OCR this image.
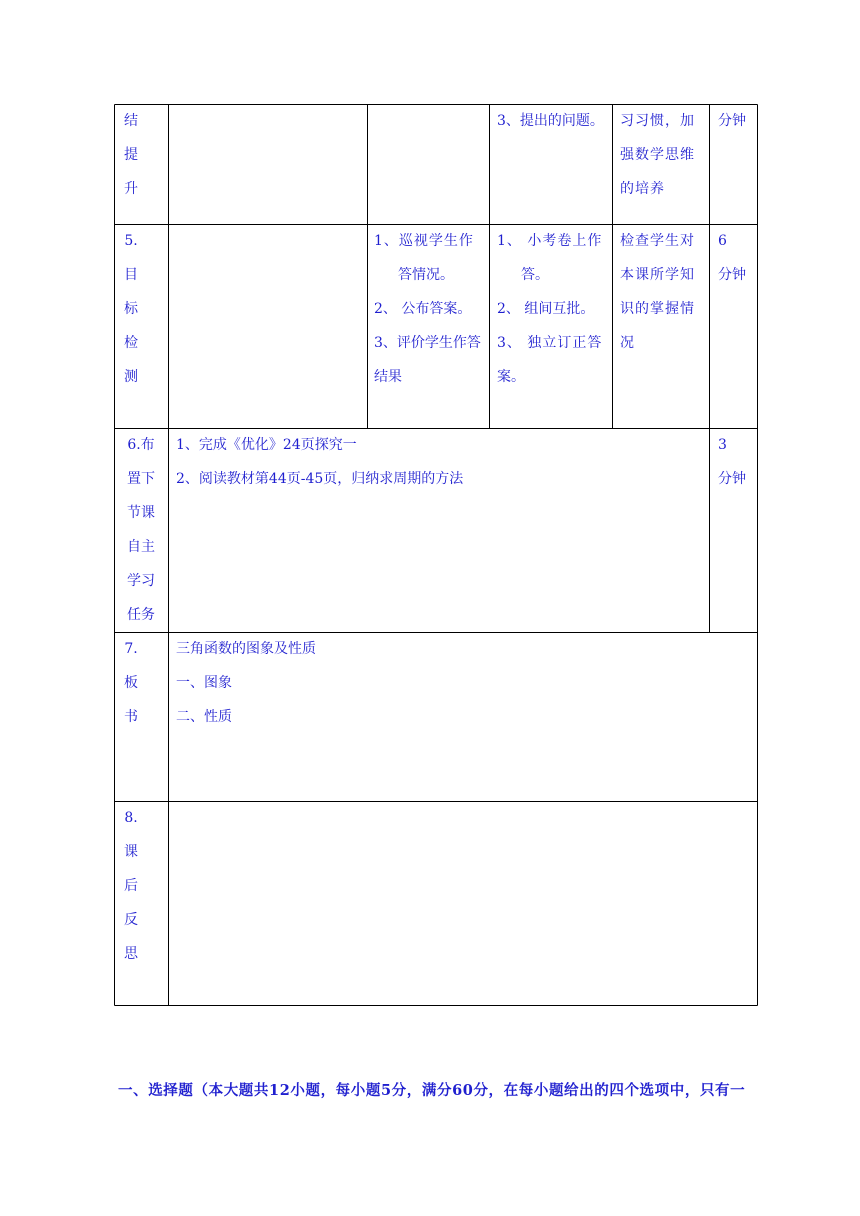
结
提
升
3、提出的问题。 习习惯，加
强数学思维
的培养
分钟
5.
目
标
检
测
1、巡视学生作
答情况。
2、 公布答案。
3、评价学生作答
结果
1、 小考卷上作
答。
2、 组间互批。
3、 独立订正答
案。
检查学生对
本课所学知
识的掌握情
况
6
分钟
6.布
置下
节课
自主
学习
任务
1、完成《优化》24页探究一
2、阅读教材第44页-45页，归纳求周期的方法
3
分钟
7.
板
书
三角函数的图象及性质
一、图象
二、性质
8.
课
后
反
思
一、选择题（本大题共12小题，每小题5分，满分60分，在每小题给出的四个选项中，只有一
